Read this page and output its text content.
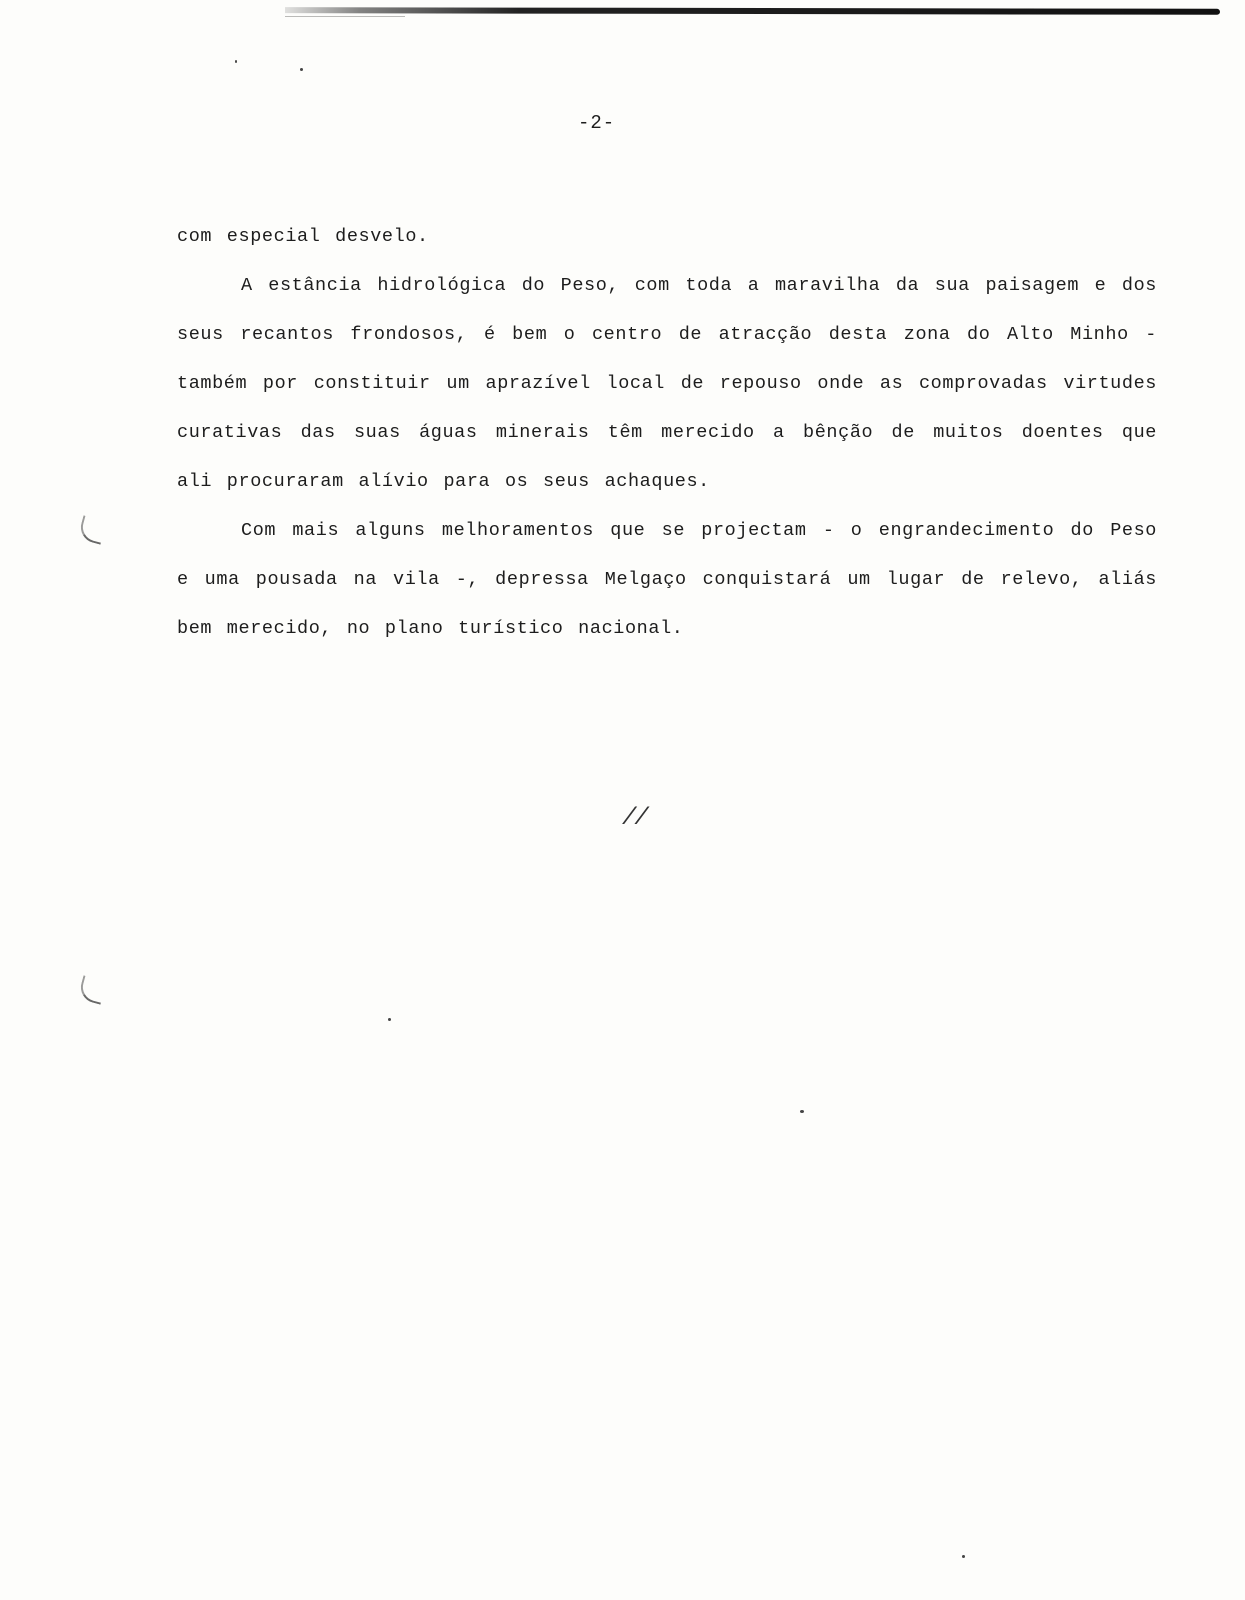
-2-

com especial desvelo.

A estância hidrológica do Peso, com toda a maravilha da sua paisagem e dos seus recantos frondosos, é bem o centro de atracção desta zona do Alto Minho - também por constituir um aprazível local de repouso onde as comprovadas virtudes curativas das suas águas minerais têm merecido a bênção de muitos doentes que ali procuraram alívio para os seus achaques.

Com mais alguns melhoramentos que se projectam - o engrandecimento do Peso e uma pousada na vila -, depressa Melgaço conquistará um lugar de relevo, aliás bem merecido, no plano turístico nacional.

//
